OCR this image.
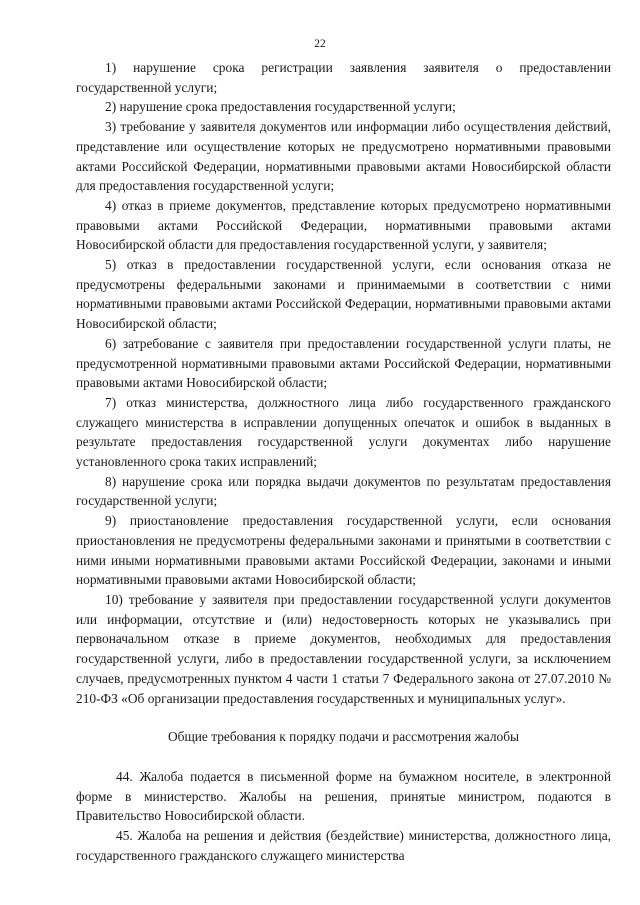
22

1) нарушение срока регистрации заявления заявителя о предоставлении государственной услуги;

2) нарушение срока предоставления государственной услуги;

3) требование у заявителя документов или информации либо осуществления действий, представление или осуществление которых не предусмотрено нормативными правовыми актами Российской Федерации, нормативными правовыми актами Новосибирской области для предоставления государственной услуги;

4) отказ в приеме документов, представление которых предусмотрено нормативными правовыми актами Российской Федерации, нормативными правовыми актами Новосибирской области для предоставления государственной услуги, у заявителя;

5) отказ в предоставлении государственной услуги, если основания отказа не предусмотрены федеральными законами и принимаемыми в соответствии с ними нормативными правовыми актами Российской Федерации, нормативными правовыми актами Новосибирской области;

6) затребование с заявителя при предоставлении государственной услуги платы, не предусмотренной нормативными правовыми актами Российской Федерации, нормативными правовыми актами Новосибирской области;

7) отказ министерства, должностного лица либо государственного гражданского служащего министерства в исправлении допущенных опечаток и ошибок в выданных в результате предоставления государственной услуги документах либо нарушение установленного срока таких исправлений;

8) нарушение срока или порядка выдачи документов по результатам предоставления государственной услуги;

9) приостановление предоставления государственной услуги, если основания приостановления не предусмотрены федеральными законами и принятыми в соответствии с ними иными нормативными правовыми актами Российской Федерации, законами и иными нормативными правовыми актами Новосибирской области;

10) требование у заявителя при предоставлении государственной услуги документов или информации, отсутствие и (или) недостоверность которых не указывались при первоначальном отказе в приеме документов, необходимых для предоставления государственной услуги, либо в предоставлении государственной услуги, за исключением случаев, предусмотренных пунктом 4 части 1 статьи 7 Федерального закона от 27.07.2010 № 210-ФЗ «Об организации предоставления государственных и муниципальных услуг».

Общие требования к порядку подачи и рассмотрения жалобы

44. Жалоба подается в письменной форме на бумажном носителе, в электронной форме в министерство. Жалобы на решения, принятые министром, подаются в Правительство Новосибирской области.

45. Жалоба на решения и действия (бездействие) министерства, должностного лица, государственного гражданского служащего министерства
